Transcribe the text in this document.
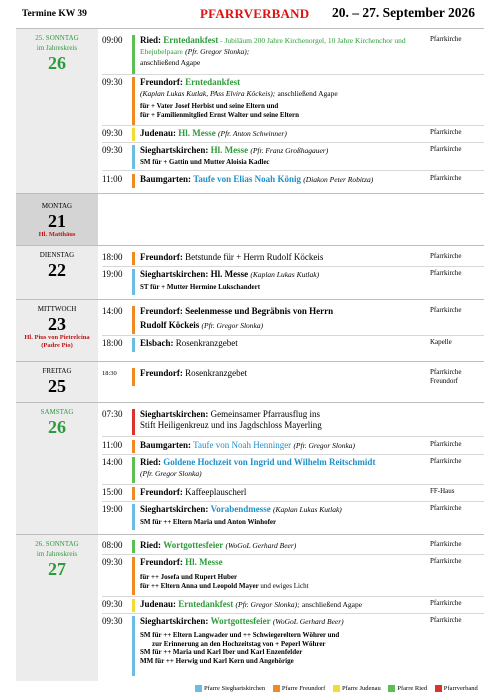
Termine KW 39	PFARRVERBAND 20. – 27. September 2026
25. SONNTAG
im Jahreskreis
26
09:00	Ried: Erntedankfest - Jubiläum 200 Jahre Kirchenorgel, 10 Jahre Kirchenchor und Ehejubelpaare (Pfr. Gregor Slonka);
anschließend Agape
Pfarrkirche
09:30	Freundorf: Erntedankfest
(Kaplan Lukas Kutlak, PAss Elvira Köckeis); anschließend Agape
für + Vater Josef Herbist und seine Eltern und
für + Familienmitglied Ernst Walter und seine Eltern
09:30	Judenau: Hl. Messe (Pfr. Anton Schwinner)	Pfarrkirche
09:30	Sieghartskirchen: Hl. Messe (Pfr. Franz Großhagauer)
SM für + Gattin und Mutter Aloisia Kadlec
Pfarrkirche
11:00	Baumgarten: Taufe von Elias Noah König (Diakon Peter Robitza)	Pfarrkirche
MONTAG
21
Hl. Matthäus
DIENSTAG
22
18:00	Freundorf: Betstunde für + Herrn Rudolf Köckeis	Pfarrkirche
19:00	Sieghartskirchen: Hl. Messe (Kaplan Lukas Kutlak)
ST für + Mutter Hermine Lukschandert
Pfarrkirche
MITTWOCH
23
Hl. Pius von Pietrelcina
(Padre Pio)
14:00	Freundorf: Seelenmesse und Begräbnis von Herrn
Rudolf Köckeis (Pfr. Gregor Slonka)
Pfarrkirche
18:00	Elsbach: Rosenkranzgebet	Kapelle
FREITAG
25
18:30	Freundorf: Rosenkranzgebet	Pfarrkirche
Freundorf
SAMSTAG
26
07:30	Sieghartskirchen: Gemeinsamer Pfarrausflug ins
Stift Heiligenkreuz und ins Jagdschloss Mayerling
11:00	Baumgarten: Taufe von Noah Henninger (Pfr. Gregor Slonka)	Pfarrkirche
14:00	Ried: Goldene Hochzeit von Ingrid und Wilhelm Reitschmidt
(Pfr. Gregor Slonka)
Pfarrkirche
15:00	Freundorf: Kaffeeplauscherl	FF-Haus
19:00	Sieghartskirchen: Vorabendmesse (Kaplan Lukas Kutlak)
SM für ++ Eltern Maria und Anton Winhofer
Pfarrkirche
26. SONNTAG
im Jahreskreis
27
08:00	Ried: Wortgottesfeier (WoGoL Gerhard Beer)	Pfarrkirche
09:30	Freundorf: Hl. Messe
für ++ Josefa und Rupert Huber
für ++ Eltern Anna und Leopold Mayer und ewiges Licht
Pfarrkirche
09:30	Judenau: Erntedankfest (Pfr. Gregor Slonka); anschließend Agape	Pfarrkirche
09:30	Sieghartskirchen: Wortgottesfeier (WoGoL Gerhard Beer)
SM für ++ Eltern Langwader und ++ Schwiegereltern Wöhrer und
zur Erinnerung an den Hochzeitstag von + Peperl Wöhrer
SM für ++ Maria und Karl Iber und Karl Enzenfelder
MM für ++ Herwig und Karl Kern und Angehörige
Pfarrkirche
Pfarre Sieghartskirchen	Pfarre Freundorf	Pfarre Judenau	Pfarre Ried	Pfarrverband
